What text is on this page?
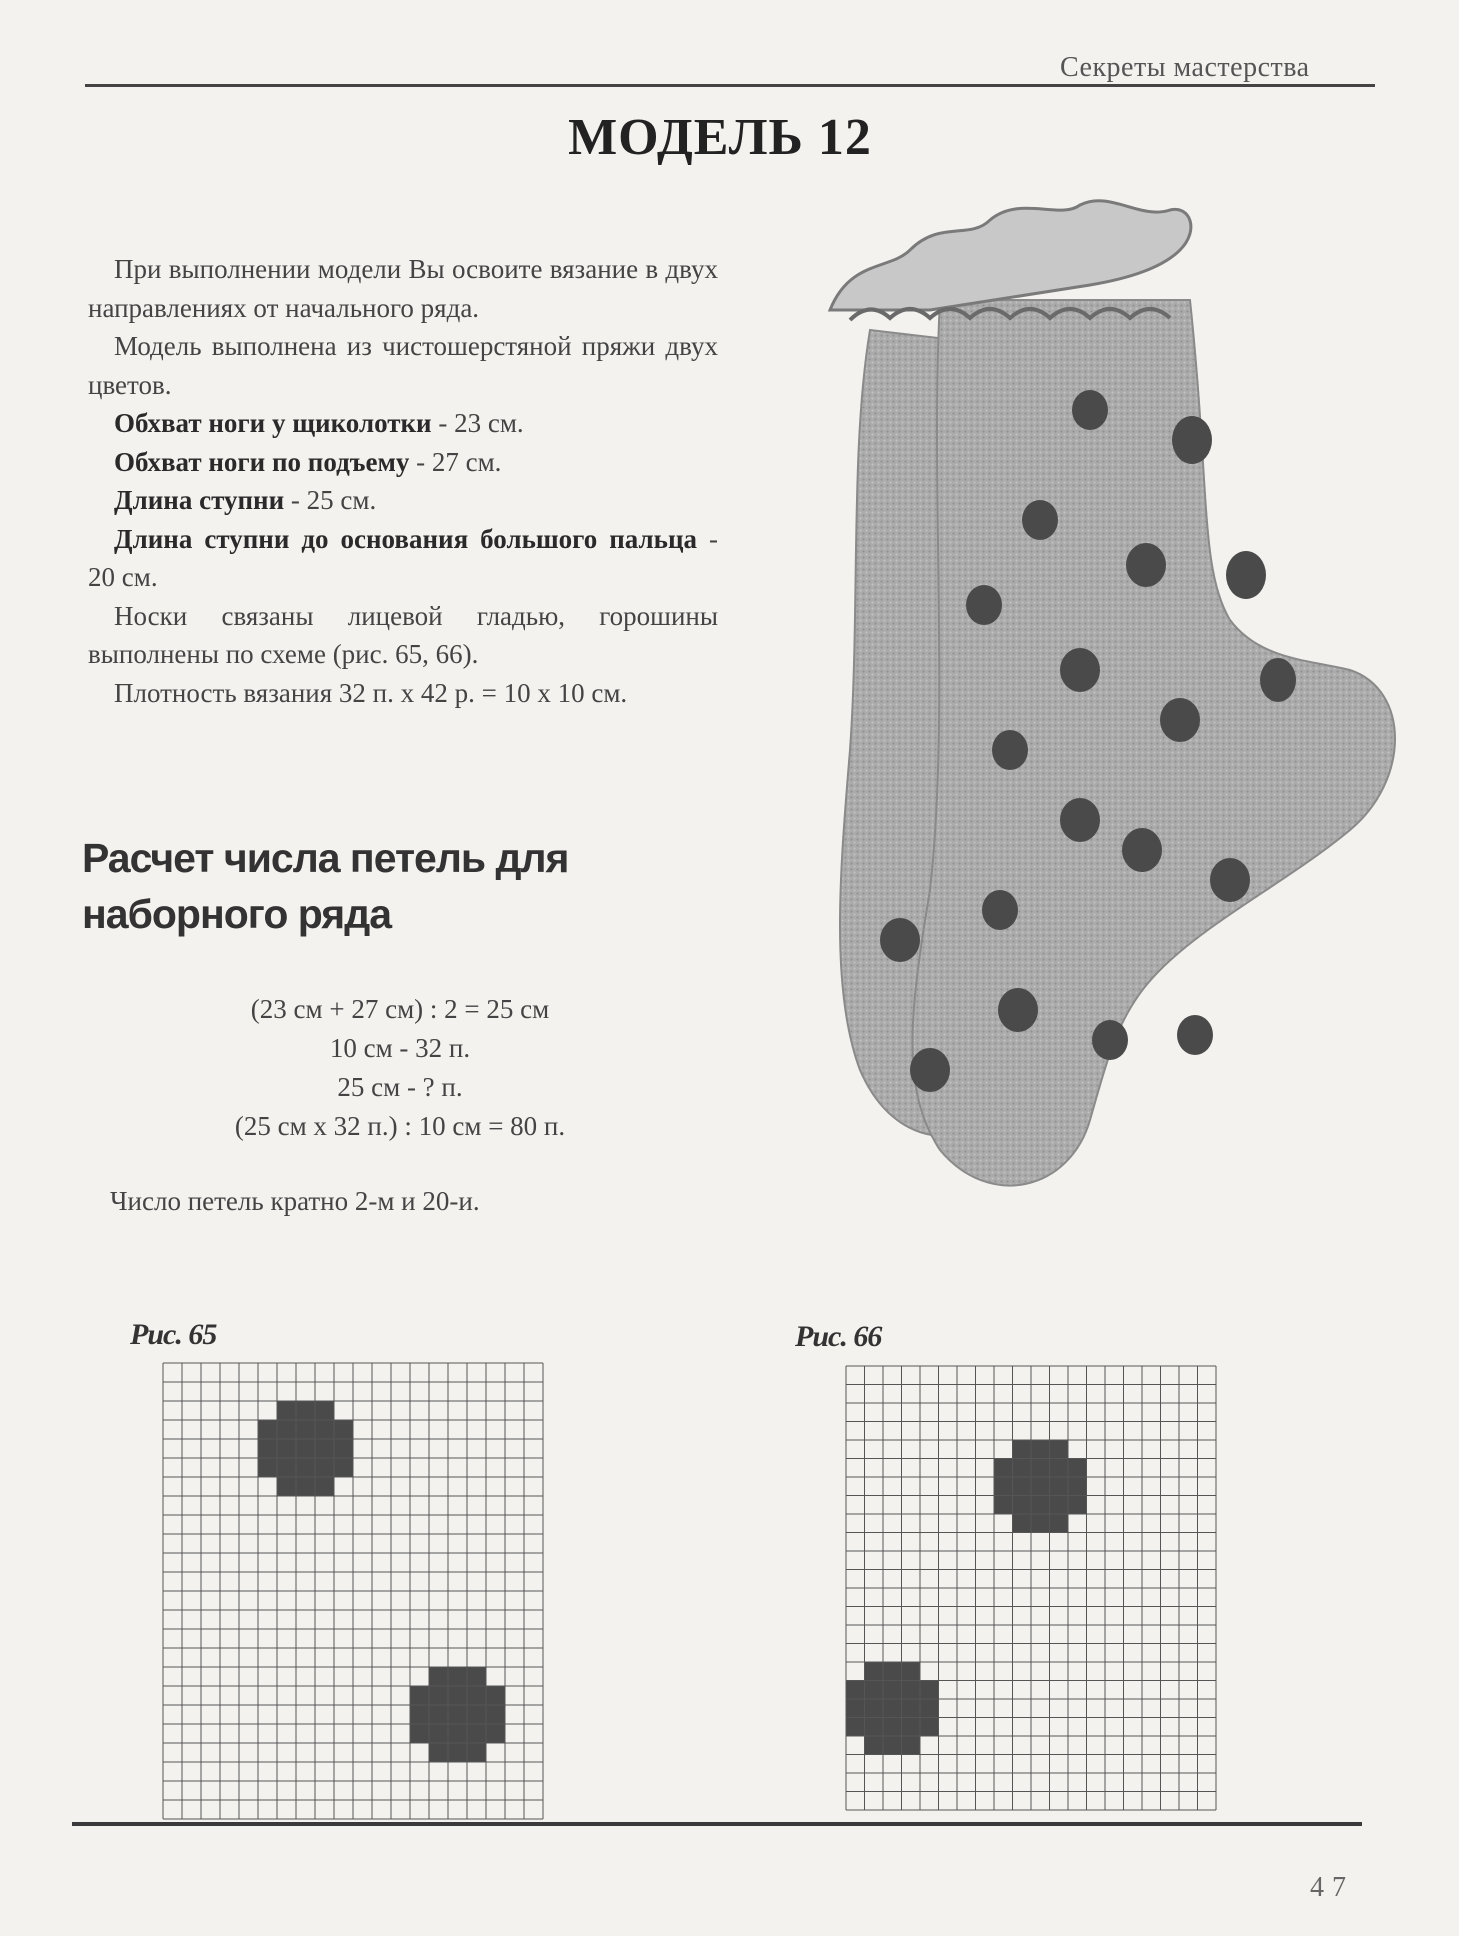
Секреты мастерства
МОДЕЛЬ 12

При выполнении модели Вы освоите вязание в двух направлениях от начального ряда.

Модель выполнена из чистошерстяной пряжи двух цветов.

Обхват ноги у щиколотки - 23 см.

Обхват ноги по подъему - 27 см.

Длина ступни - 25 см.

Длина ступни до основания большого пальца - 20 см.

Носки связаны лицевой гладью, горошины выполнены по схеме (рис. 65, 66).

Плотность вязания 32 п. х 42 р. = 10 х 10 см.

Расчет числа петель для наборного ряда
(23 см + 27 см) : 2 = 25 см
10 см - 32 п.
25 см - ? п.
(25 см х 32 п.) : 10 см = 80 п.
Число петель кратно 2-м и 20-и.
Рис. 65	Рис. 66
47
